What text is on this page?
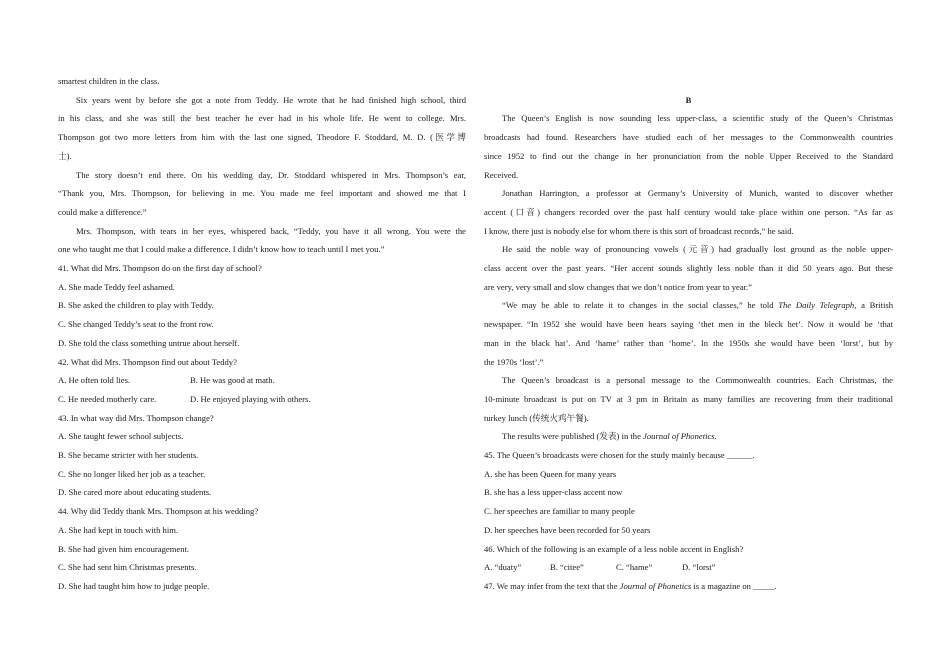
smartest children in the class.

Six years went by before she got a note from Teddy. He wrote that he had finished high school, third

in his class, and she was still the best teacher he ever had in his whole life. He went to college. Mrs.

Thompson got two more letters from him with the last one signed, Theodore F. Stoddard, M. D. (医学博

士).

The story doesn’t end there. On his wedding day, Dr. Stoddard whispered in Mrs. Thompson’s ear,

“Thank you, Mrs. Thompson, for believing in me. You made me feel important and showed me that I

could make a difference.”

Mrs. Thompson, with tears in her eyes, whispered back, “Teddy, you have it all wrong. You were the

one who taught me that I could make a difference. I didn’t know how to teach until I met you.”

41. What did Mrs. Thompson do on the first day of school?

A. She made Teddy feel ashamed.

B. She asked the children to play with Teddy.

C. She changed Teddy’s seat to the front row.

D. She told the class something untrue about herself.

42. What did Mrs. Thompson find out about Teddy?

A. He often told lies.	B. He was good at math.
C. He needed motherly care.	D. He enjoyed playing with others.

43. In what way did Mrs. Thompson change?

A. She taught fewer school subjects.

B. She became stricter with her students.

C. She no longer liked her job as a teacher.

D. She cared more about educating students.

44. Why did Teddy thank Mrs. Thompson at his wedding?

A. She had kept in touch with him.

B. She had given him encouragement.

C. She had sent him Christmas presents.

D. She had taught him how to judge people.

B

The Queen’s English is now sounding less upper-class, a scientific study of the Queen’s Christmas

broadcasts had found. Researchers have studied each of her messages to the Commonwealth countries

since 1952 to find out the change in her pronunciation from the noble Upper Received to the Standard

Received.

Jonathan Harrington, a professor at Germany’s University of Munich, wanted to discover whether

accent (口音) changers recorded over the past half century would take place within one person. “As far as

I know, there just is nobody else for whom there is this sort of broadcast records,” he said.

He said the noble way of pronouncing vowels (元音) had gradually lost ground as the noble upper-

class accent over the past years. “Her accent sounds slightly less noble than it did 50 years ago. But these

are very, very small and slow changes that we don’t notice from year to year.”

“We may be able to relate it to changes in the social classes,” he told The Daily Telegraph, a British

newspaper. “In 1952 she would have been hears saying ‘thet men in the bleck het’. Now it would be ‘that

man in the black hat’. And ‘hame’ rather than ‘home’. In the 1950s she would have been ‘lorst’, but by

the 1970s ‘lost’.”

The Queen’s broadcast is a personal message to the Commonwealth countries. Each Christmas, the

10-minute broadcast is put on TV at 3 pm in Britain as many families are recovering from their traditional

turkey lunch (传统火鸡午餐).

The results were published (发表) in the Journal of Phonetics.

45. The Queen’s broadcasts were chosen for the study mainly because ______.

A. she has been Queen for many years

B. she has a less upper-class accent now

C. her speeches are familiar to many people

D. her speeches have been recorded for 50 years

46. Which of the following is an example of a less noble accent in English?

A. “duaty”	B. “citee”	C. “hame”	D. “lorst”

47. We may infer from the text that the Journal of Phonetics is a magazine on _____.
